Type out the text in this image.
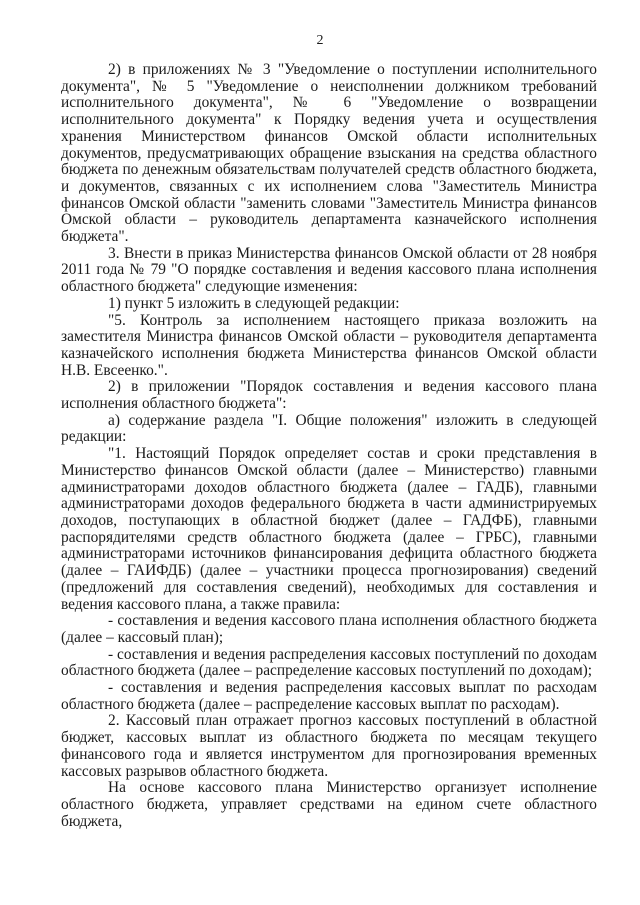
2

2) в приложениях № 3 "Уведомление о поступлении исполнительного документа", № 5 "Уведомление о неисполнении должником требований исполнительного документа", № 6 "Уведомление о возвращении исполнительного документа" к Порядку ведения учета и осуществления хранения Министерством финансов Омской области исполнительных документов, предусматривающих обращение взыскания на средства областного бюджета по денежным обязательствам получателей средств областного бюджета, и документов, связанных с их исполнением слова "Заместитель Министра финансов Омской области "заменить словами "Заместитель Министра финансов Омской области – руководитель департамента казначейского исполнения бюджета".

3. Внести в приказ Министерства финансов Омской области от 28 ноября 2011 года № 79 "О порядке составления и ведения кассового плана исполнения областного бюджета" следующие изменения:

1) пункт 5 изложить в следующей редакции:

"5. Контроль за исполнением настоящего приказа возложить на заместителя Министра финансов Омской области – руководителя департамента казначейского исполнения бюджета Министерства финансов Омской области Н.В. Евсеенко.".

2) в приложении "Порядок составления и ведения кассового плана исполнения областного бюджета":

а) содержание раздела "I. Общие положения" изложить в следующей редакции:

"1. Настоящий Порядок определяет состав и сроки представления в Министерство финансов Омской области (далее – Министерство) главными администраторами доходов областного бюджета (далее – ГАДБ), главными администраторами доходов федерального бюджета в части администрируемых доходов, поступающих в областной бюджет (далее – ГАДФБ), главными распорядителями средств областного бюджета (далее – ГРБС), главными администраторами источников финансирования дефицита областного бюджета (далее – ГАИФДБ) (далее – участники процесса прогнозирования) сведений (предложений для составления сведений), необходимых для составления и ведения кассового плана, а также правила:

- составления и ведения кассового плана исполнения областного бюджета (далее – кассовый план);

- составления и ведения распределения кассовых поступлений по доходам областного бюджета (далее – распределение кассовых поступлений по доходам);

- составления и ведения распределения кассовых выплат по расходам областного бюджета (далее – распределение кассовых выплат по расходам).

2. Кассовый план отражает прогноз кассовых поступлений в областной бюджет, кассовых выплат из областного бюджета по месяцам текущего финансового года и является инструментом для прогнозирования временных кассовых разрывов областного бюджета.

На основе кассового плана Министерство организует исполнение областного бюджета, управляет средствами на едином счете областного бюджета,
